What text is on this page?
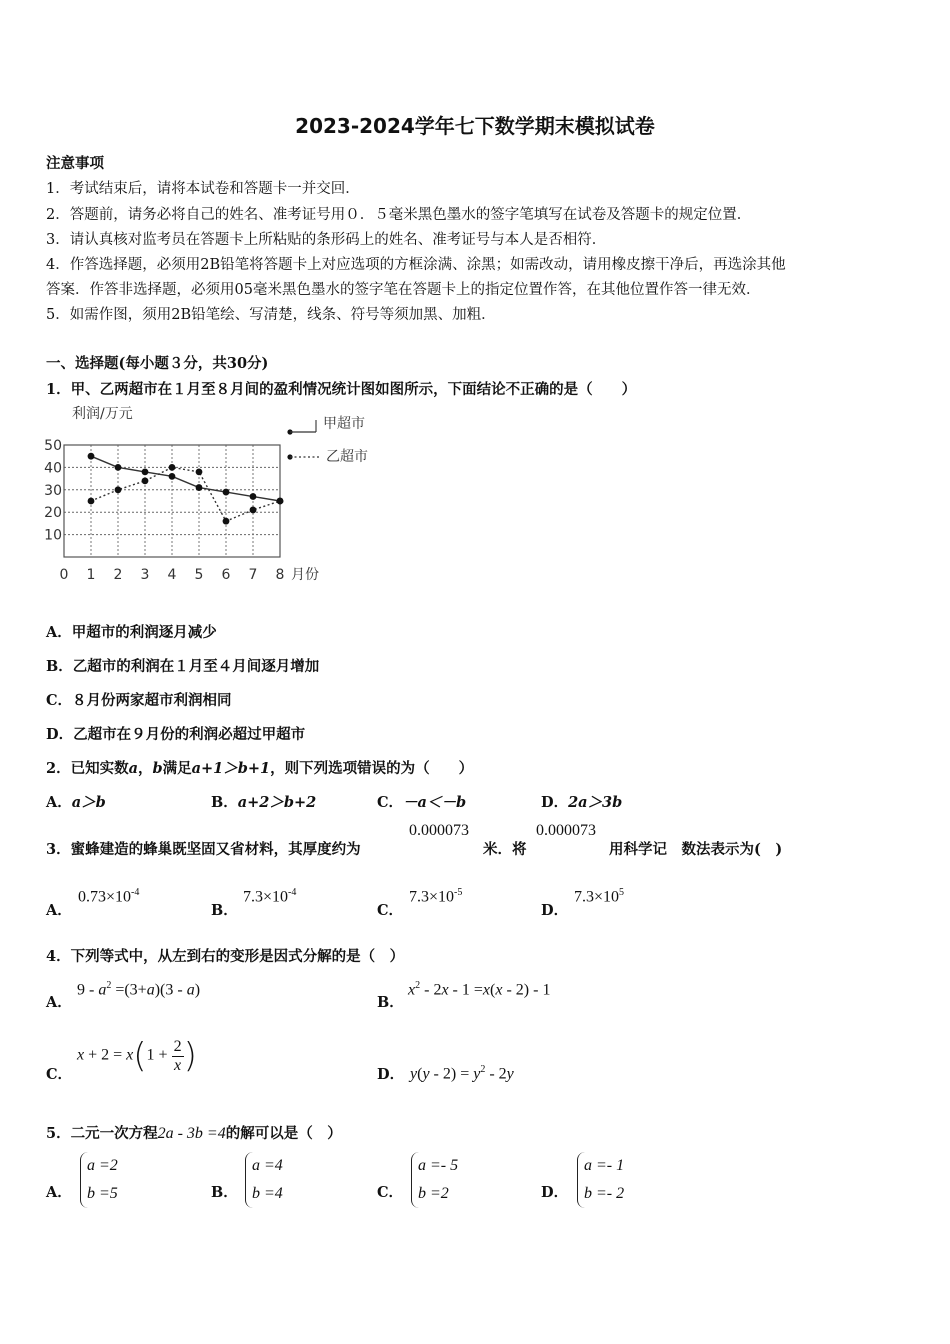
2023-2024学年七下数学期末模拟试卷
注意事项
1．考试结束后，请将本试卷和答题卡一并交回．
2．答题前，请务必将自己的姓名、准考证号用０．５毫米黑色墨水的签字笔填写在试卷及答题卡的规定位置．
3．请认真核对监考员在答题卡上所粘贴的条形码上的姓名、准考证号与本人是否相符．
4．作答选择题，必须用2B铅笔将答题卡上对应选项的方框涂满、涂黑；如需改动，请用橡皮擦干净后，再选涂其他
答案．作答非选择题，必须用05毫米黑色墨水的签字笔在答题卡上的指定位置作答，在其他位置作答一律无效．
5．如需作图，须用2B铅笔绘、写清楚，线条、符号等须加黑、加粗．
一、选择题(每小题３分，共30分)
1．甲、乙两超市在１月至８月间的盈利情况统计图如图所示，下面结论不正确的是（　　）
利润/万元
10
20
30
40
50
0 1 2 3 4 5 6 7 8 月份
甲超市
乙超市
A．甲超市的利润逐月减少
B．乙超市的利润在１月至４月间逐月增加
C．８月份两家超市利润相同
D．乙超市在９月份的利润必超过甲超市
2．已知实数a，b满足a+1＞b+1，则下列选项错误的为（　　）
A．a＞b	B．a+2＞b+2	C．－a＜－b	D．2a＞3b
3．蜜蜂建造的蜂巢既坚固又省材料，其厚度约为
0.000073
米．将
0.000073
用科学记　数法表示为(　)
A．
$0.73\times 10^{-4}$
B．
$7.3\times 10^{-4}$
C．
$7.3\times 10^{-5}$
D．
$7.3\times 10^5$
4．下列等式中，从左到右的变形是因式分解的是（　）
A．
$9 - a^2 =(3+a)(3 - a)$
B．
$x^2 - 2x - 1 =x(x - 2) - 1$
C．
$x + 2 = x(1 + \frac{2}{x}$ )	D． $y(y - 2) = y^2 - 2y$
5．二元一次方程2a - 3b =4的解可以是（　）
A．
a =2
b =5	B．
a =4
b =4	C．
a =- 5
b =2	D．
a =- 1
b =- 2
